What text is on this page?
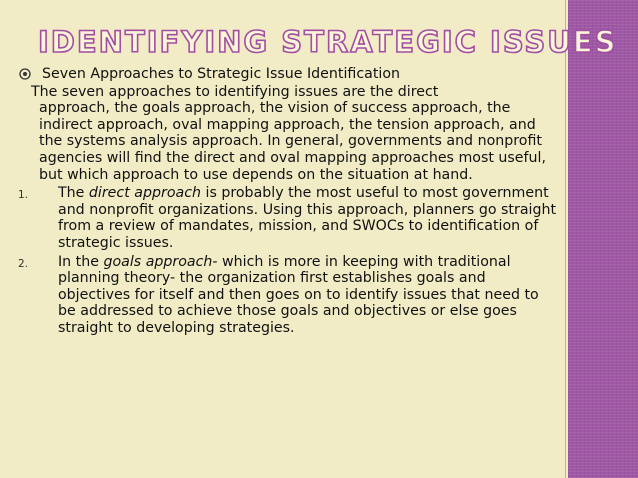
IDENTIFYING STRATEGIC ISSUES
Seven Approaches to Strategic Issue Identification
The seven approaches to identifying issues are the direct
approach, the goals approach, the vision of success approach, the indirect approach, oval mapping approach, the tension approach, and the systems analysis approach. In general, governments and nonprofit agencies will find the direct and oval mapping approaches most useful, but which approach to use depends on the situation at hand.
1.	The direct approach is probably the most useful to most government and nonprofit organizations. Using this approach, planners go straight from a review of mandates, mission, and SWOCs to identification of strategic issues.
2.	In the goals approach- which is more in keeping with traditional planning theory- the organization first establishes goals and objectives for itself and then goes on to identify issues that need to be addressed to achieve those goals and objectives or else goes straight to developing strategies.
